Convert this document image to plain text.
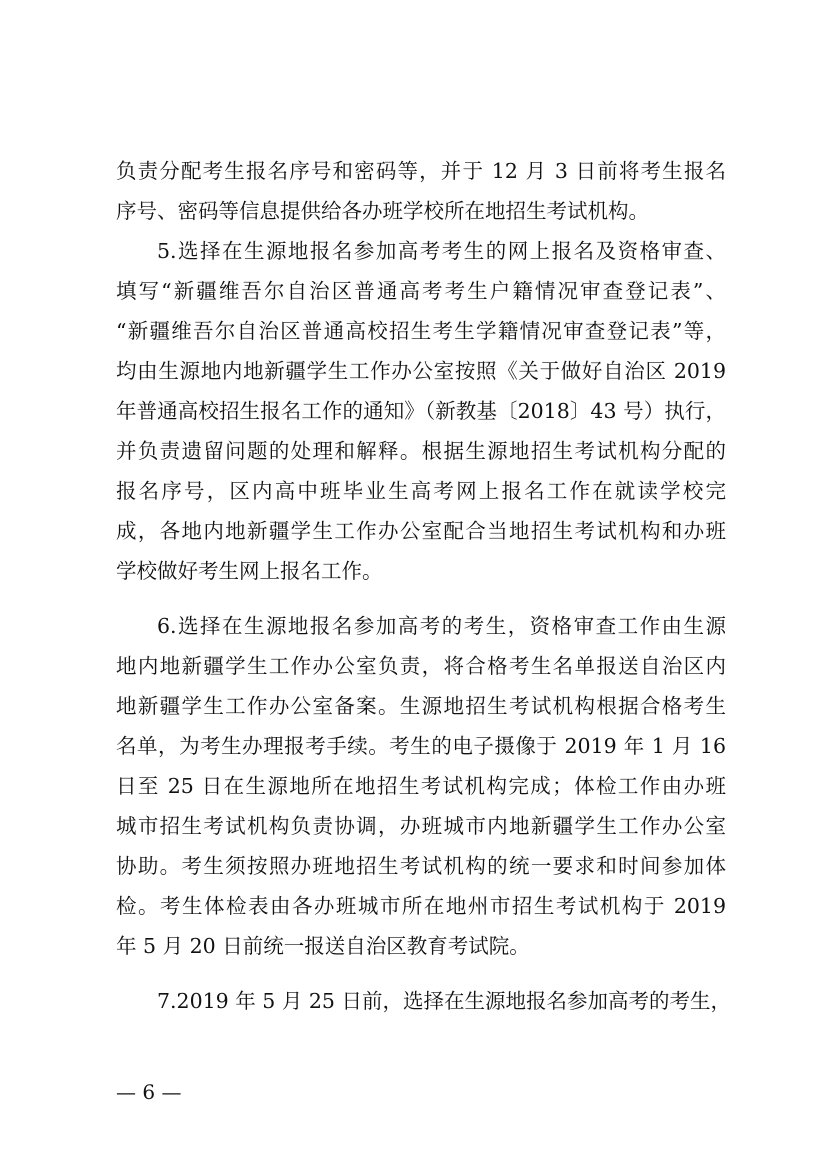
负责分配考生报名序号和密码等，并于 12 月 3 日前将考生报名
序号、密码等信息提供给各办班学校所在地招生考试机构。
5.选择在生源地报名参加高考考生的网上报名及资格审查、
填写“新疆维吾尔自治区普通高考考生户籍情况审查登记表”、
“新疆维吾尔自治区普通高校招生考生学籍情况审查登记表”等，
均由生源地内地新疆学生工作办公室按照《关于做好自治区 2019
年普通高校招生报名工作的通知》（新教基〔2018〕43 号）执行，
并负责遗留问题的处理和解释。根据生源地招生考试机构分配的
报名序号，区内高中班毕业生高考网上报名工作在就读学校完
成，各地内地新疆学生工作办公室配合当地招生考试机构和办班
学校做好考生网上报名工作。
6.选择在生源地报名参加高考的考生，资格审查工作由生源
地内地新疆学生工作办公室负责，将合格考生名单报送自治区内
地新疆学生工作办公室备案。生源地招生考试机构根据合格考生
名单，为考生办理报考手续。考生的电子摄像于 2019 年 1 月 16
日至 25 日在生源地所在地招生考试机构完成；体检工作由办班
城市招生考试机构负责协调，办班城市内地新疆学生工作办公室
协助。考生须按照办班地招生考试机构的统一要求和时间参加体
检。考生体检表由各办班城市所在地州市招生考试机构于 2019
年 5 月 20 日前统一报送自治区教育考试院。
7.2019 年 5 月 25 日前，选择在生源地报名参加高考的考生，
— 6 —
